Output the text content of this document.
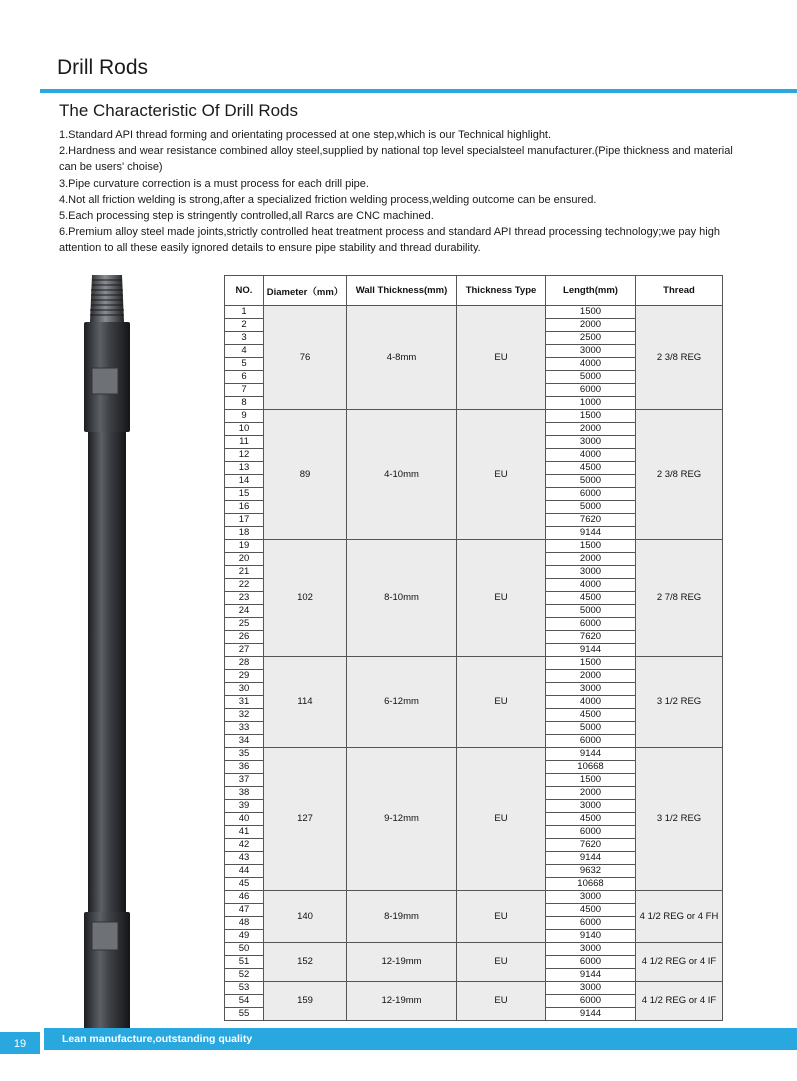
Drill Rods
The Characteristic Of Drill Rods

1.Standard API thread forming and orientating processed at one step,which is our Technical highlight.

2.Hardness and wear resistance combined alloy steel,supplied by national top level specialsteel manufacturer.(Pipe thickness and material can be users' choise)

3.Pipe curvature correction is a must process for each drill pipe.

4.Not all friction welding is strong,after a specialized friction welding process,welding outcome can be ensured.

5.Each processing step is stringently controlled,all Rarcs are CNC machined.

6.Premium alloy steel made joints,strictly controlled heat treatment process and standard API thread processing technology;we pay high attention to all these easily ignored details to ensure pipe stability and thread durability.

NO.	Diameter（mm）	Wall Thickness(mm)	Thickness Type	Length(mm)	Thread
1	76	4-8mm	EU	1500	2 3/8 REG
2				2000	
3				2500	
4				3000	
5				4000	
6				5000	
7				6000	
8				1000	
9	89	4-10mm	EU	1500	2 3/8 REG
10				2000	
11				3000	
12				4000	
13				4500	
14				5000	
15				6000	
16				5000	
17				7620	
18				9144	
19	102	8-10mm	EU	1500	2 7/8 REG
20				2000	
21				3000	
22				4000	
23				4500	
24				5000	
25				6000	
26				7620	
27				9144	
28	114	6-12mm	EU	1500	3 1/2 REG
29				2000	
30				3000	
31				4000	
32				4500	
33				5000	
34				6000	
35	127	9-12mm	EU	9144	3 1/2 REG
36				10668	
37				1500	
38				2000	
39				3000	
40				4500	
41				6000	
42				7620	
43				9144	
44				9632	
45				10668	
46	140	8-19mm	EU	3000	4 1/2 REG or 4 FH
47				4500	
48				6000	
49				9140	
50	152	12-19mm	EU	3000	4 1/2 REG or 4 IF
51				6000	
52				9144	
53	159	12-19mm	EU	3000	4 1/2 REG or 4 IF
54				6000	
55				9144	
19	Lean manufacture,outstanding quality
